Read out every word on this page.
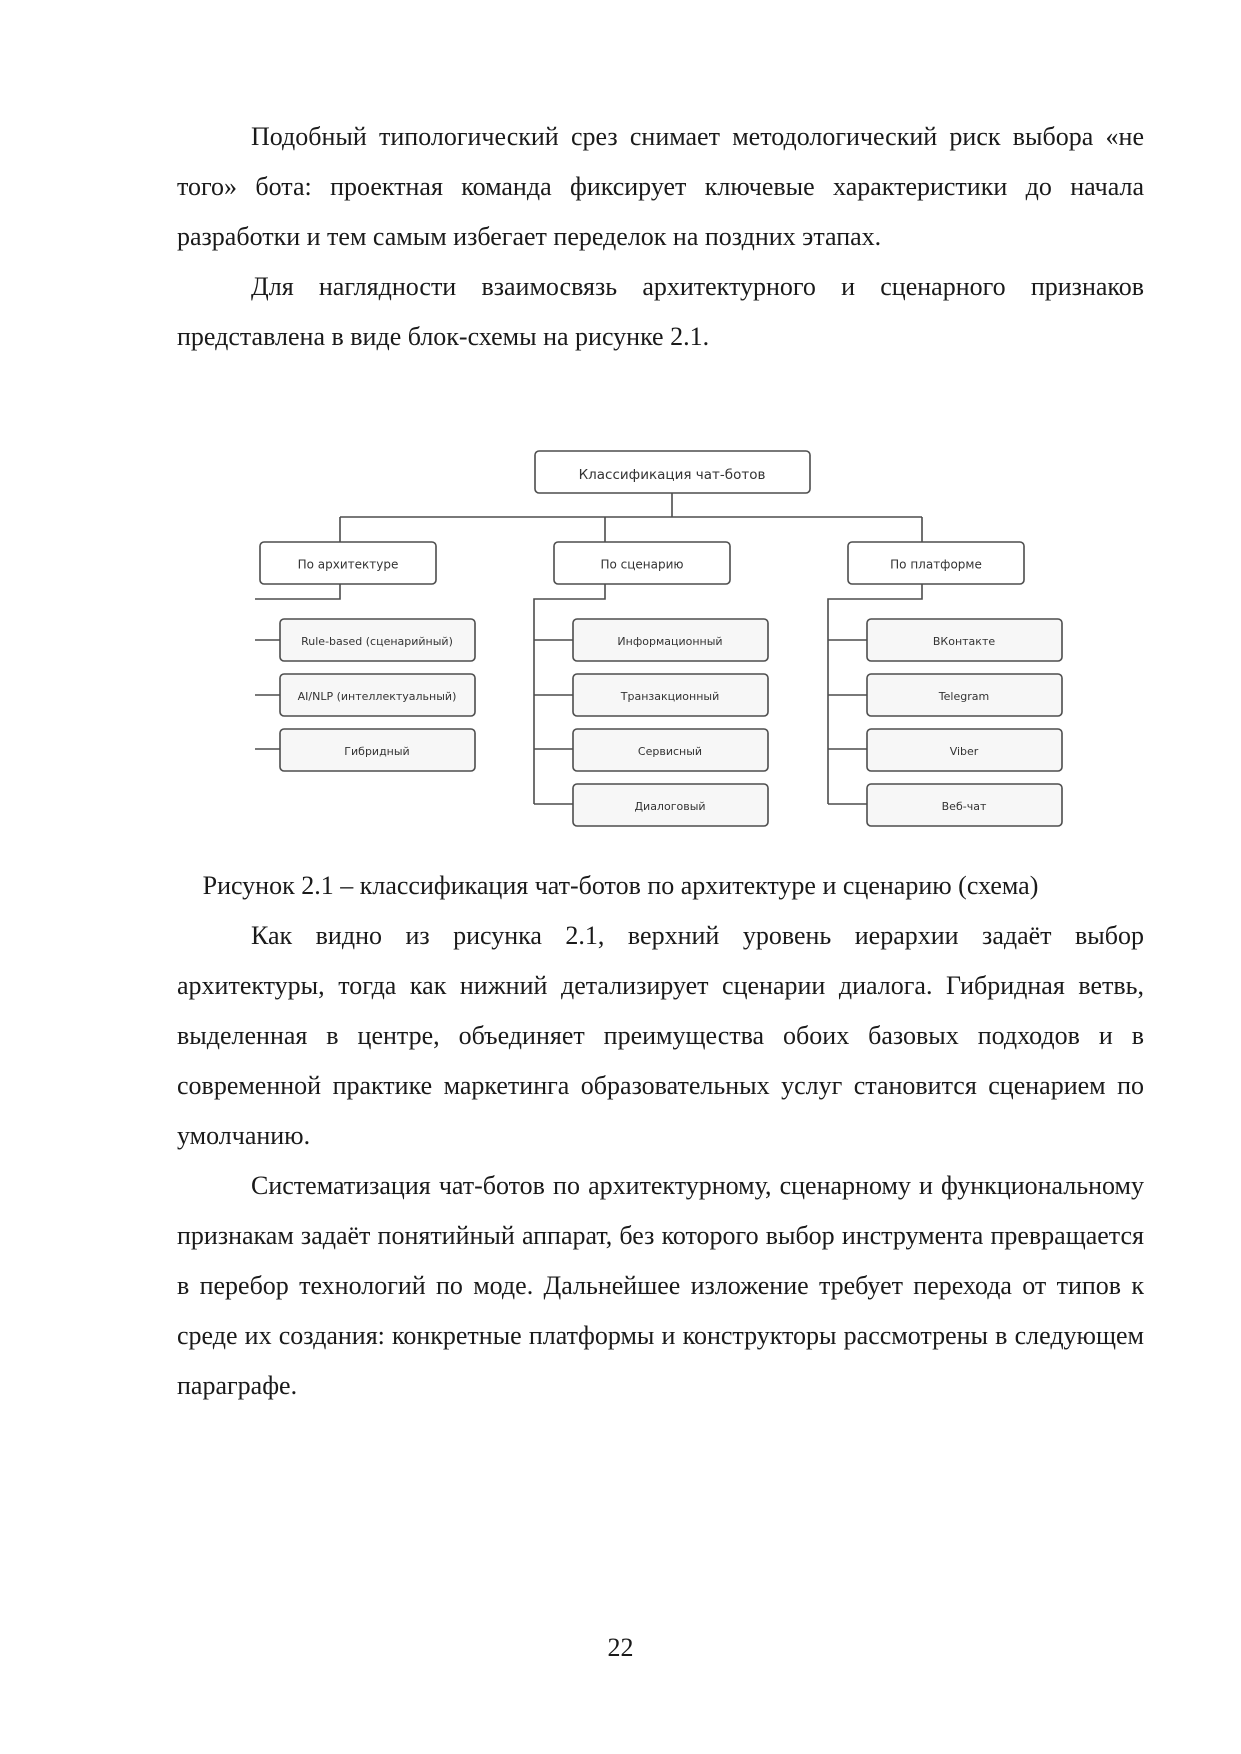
Подобный типологический срез снимает методологический риск выбора «не того» бота: проектная команда фиксирует ключевые характеристики до начала разработки и тем самым избегает переделок на поздних этапах.

Для наглядности взаимосвязь архитектурного и сценарного признаков представлена в виде блок-схемы на рисунке 2.1.

Классификация чат-ботов
По архитектуре	По сценарию	По платформе
Rule-based (сценарийный)
AI/NLP (интеллектуальный)
Гибридный
Информационный
Транзакционный
Сервисный
Диалоговый
ВКонтакте
Telegram
Viber
Веб-чат
Рисунок 2.1 – классификация чат-ботов по архитектуре и сценарию (схема)

Как видно из рисунка 2.1, верхний уровень иерархии задаёт выбор архитектуры, тогда как нижний детализирует сценарии диалога. Гибридная ветвь, выделенная в центре, объединяет преимущества обоих базовых подходов и в современной практике маркетинга образовательных услуг становится сценарием по умолчанию.

Систематизация чат-ботов по архитектурному, сценарному и функциональному признакам задаёт понятийный аппарат, без которого выбор инструмента превращается в перебор технологий по моде. Дальнейшее изложение требует перехода от типов к среде их создания: конкретные платформы и конструкторы рассмотрены в следующем параграфе.

22
